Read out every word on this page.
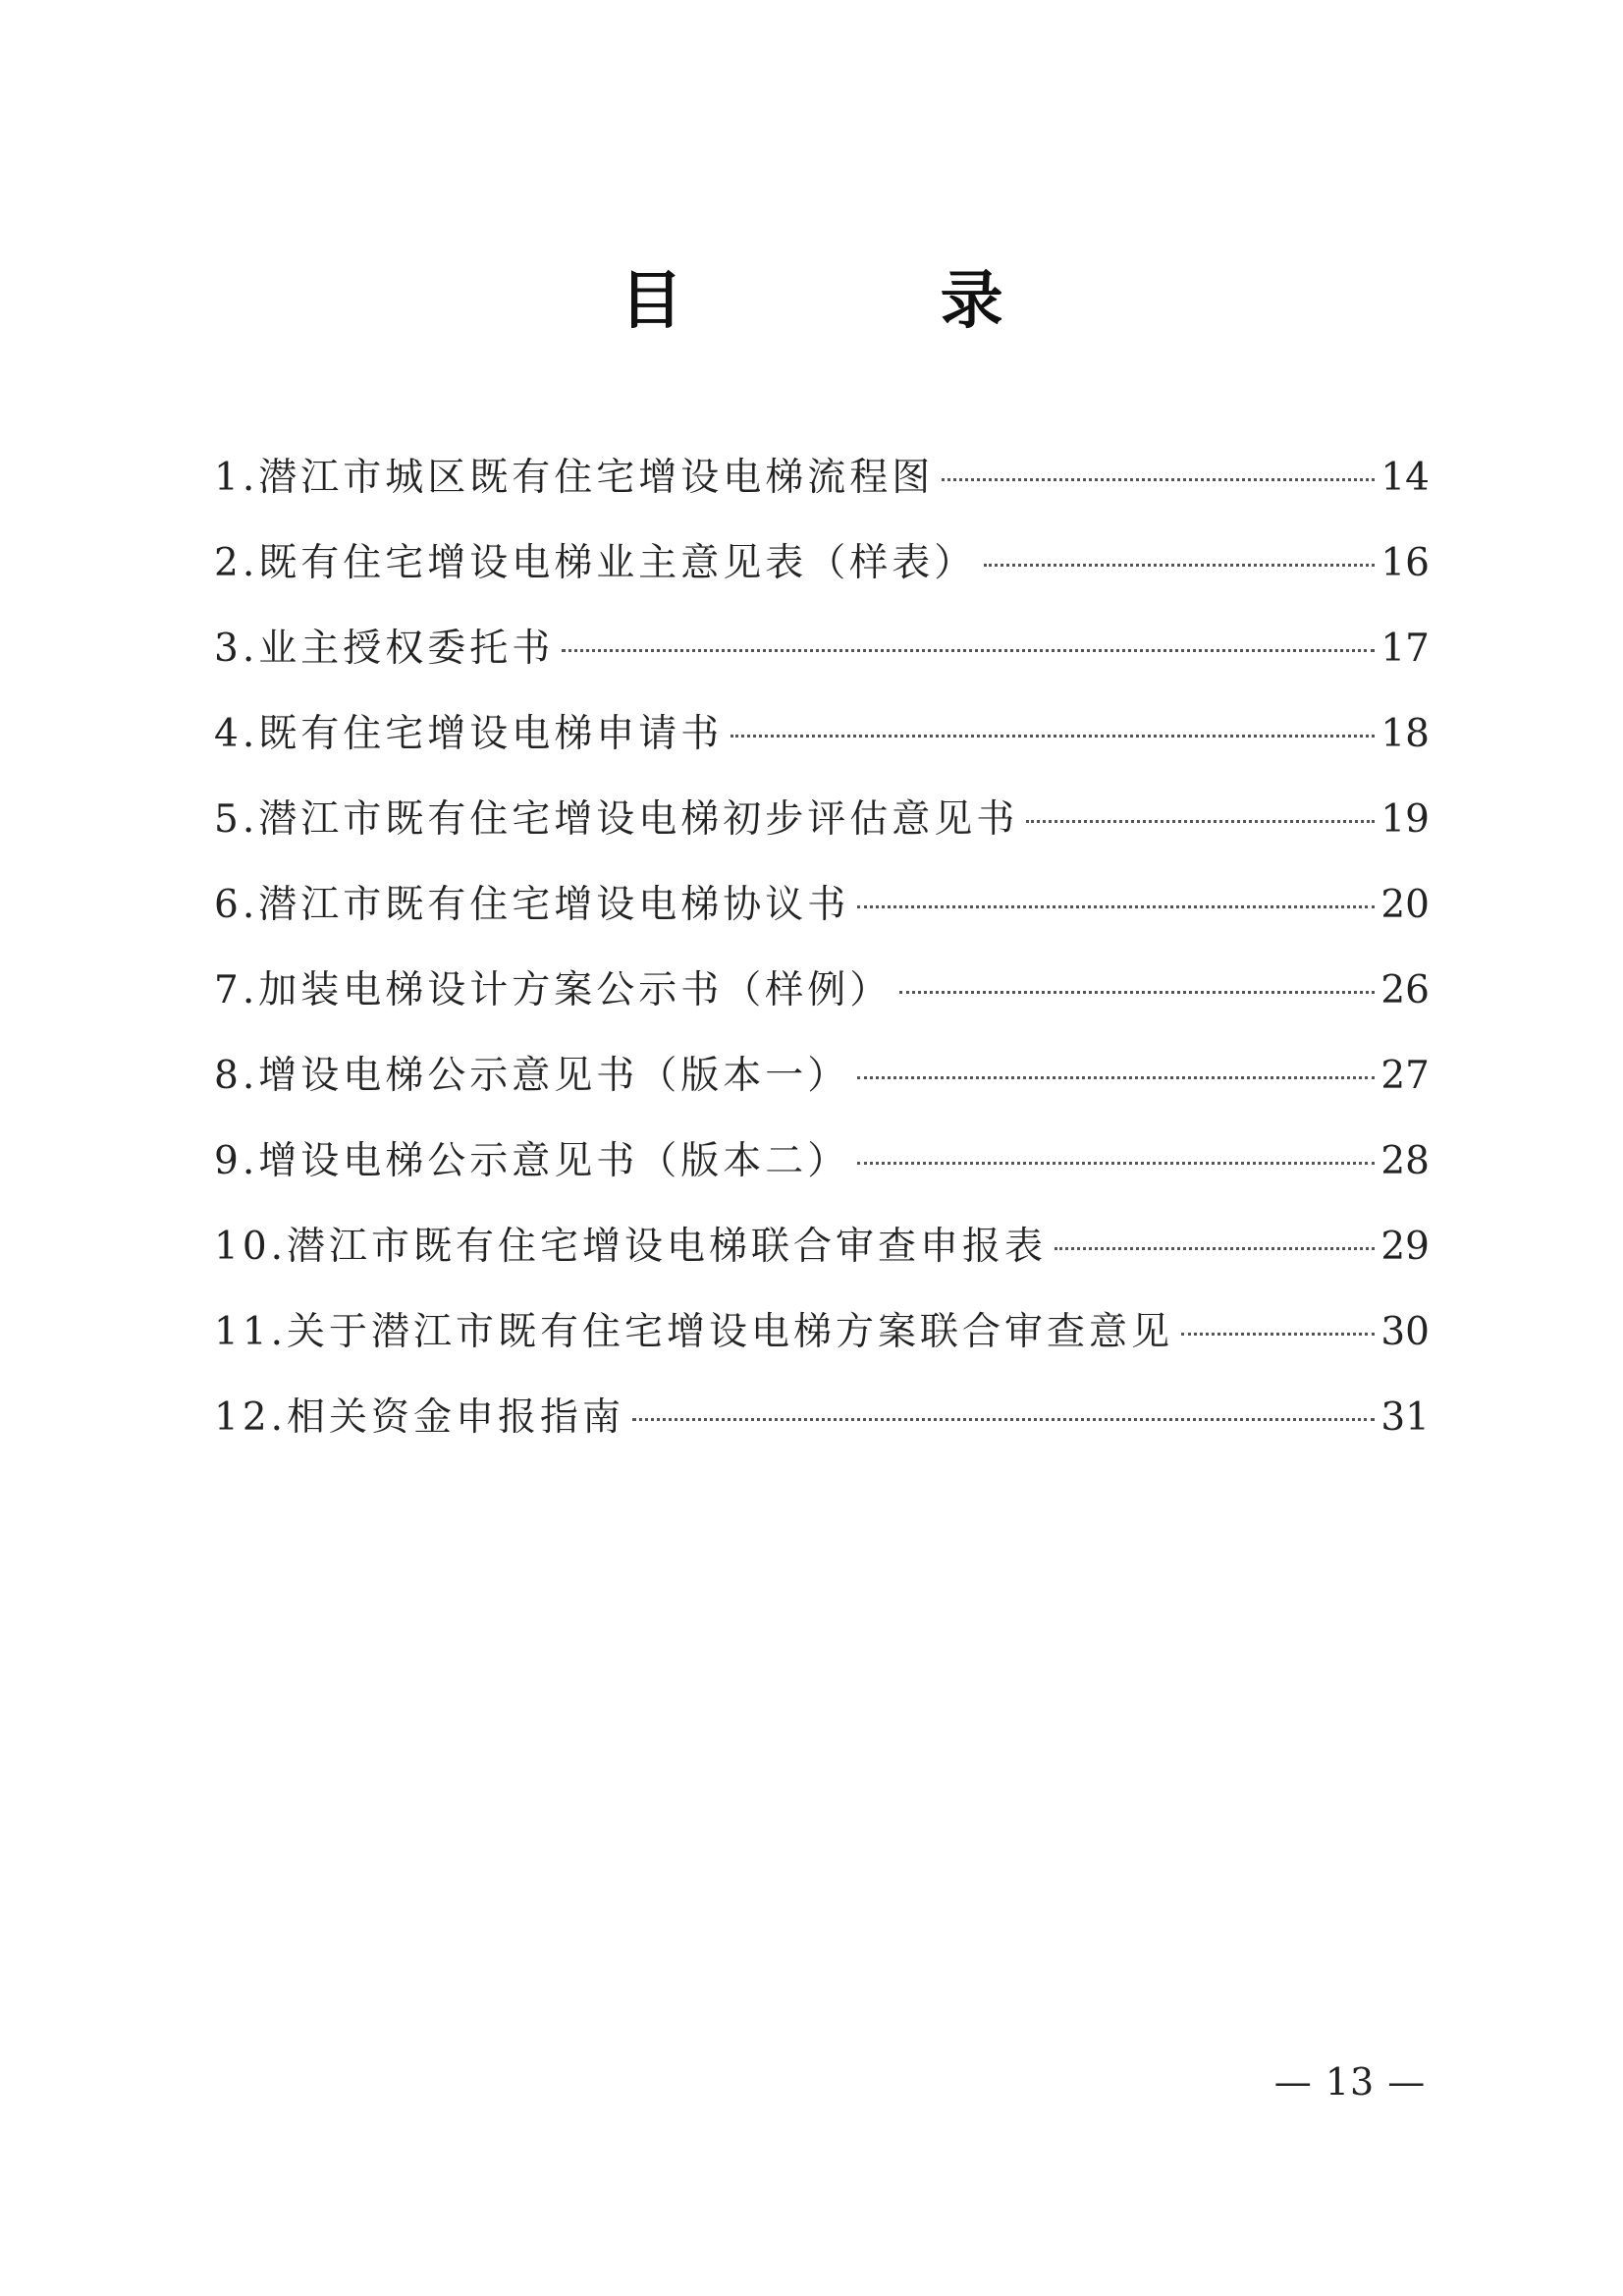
目 录
1.潜江市城区既有住宅增设电梯流程图	14
2.既有住宅增设电梯业主意见表（样表）	16
3.业主授权委托书	17
4.既有住宅增设电梯申请书	18
5.潜江市既有住宅增设电梯初步评估意见书	19
6.潜江市既有住宅增设电梯协议书	20
7.加装电梯设计方案公示书（样例）	26
8.增设电梯公示意见书（版本一）	27
9.增设电梯公示意见书（版本二）	28
10.潜江市既有住宅增设电梯联合审查申报表	29
11.关于潜江市既有住宅增设电梯方案联合审查意见	30
12.相关资金申报指南	31
— 13 —
